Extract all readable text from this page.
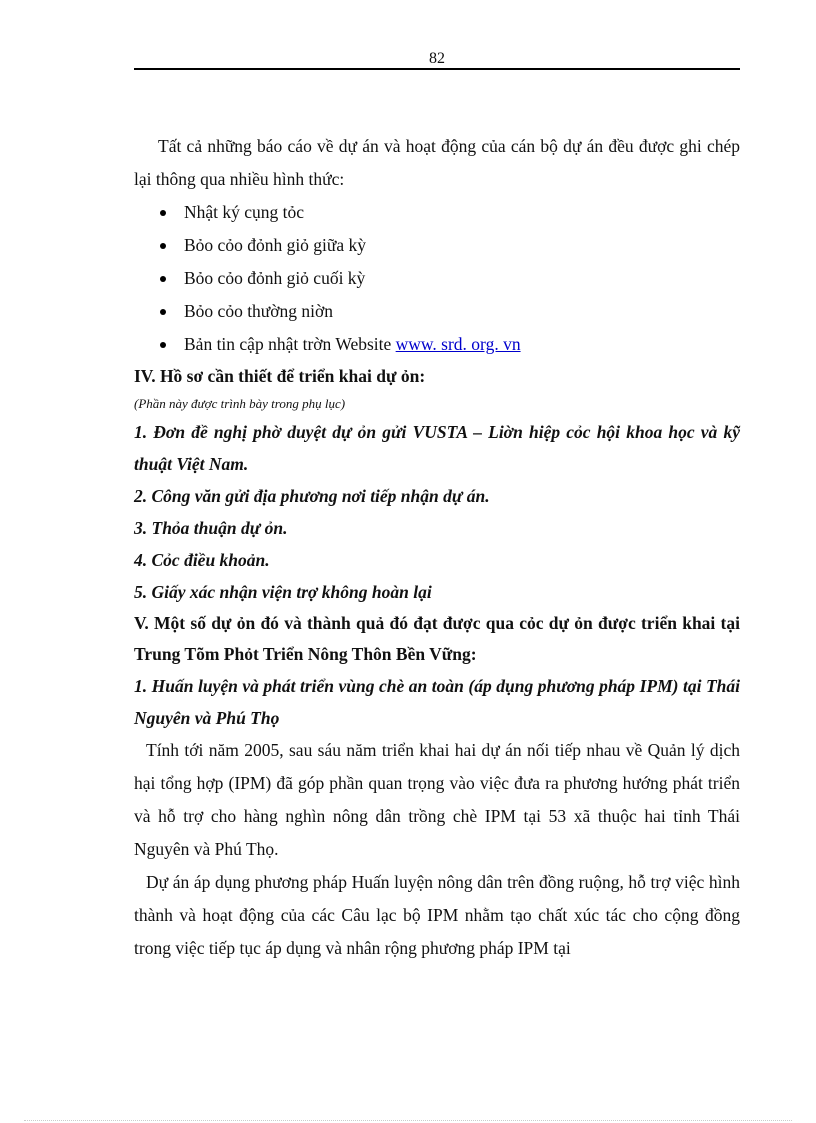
82

Tất cả những báo cáo về dự án và hoạt động của cán bộ dự án đều được ghi chép lại thông qua nhiều hình thức:

Nhật ký cụng tỏc
Bỏo cỏo đỏnh giỏ giữa kỳ
Bỏo cỏo đỏnh giỏ cuối kỳ
Bỏo cỏo thường niờn
Bản tin cập nhật trờn Website www. srd. org. vn

IV. Hồ sơ cần thiết để triển khai dự ỏn:

(Phần này được trình bày trong phụ lục)

1. Đơn đề nghị phờ duyệt dự ỏn gửi VUSTA – Liờn hiệp cỏc hội khoa học và kỹ thuật Việt Nam.

2. Công văn gửi địa phương nơi tiếp nhận dự án.

3. Thỏa thuận dự ỏn.

4. Cỏc điều khoản.

5. Giấy xác nhận viện trợ không hoàn lại

V. Một số dự ỏn đó và thành quả đó đạt được qua cỏc dự ỏn được triển khai tại Trung Tõm Phỏt Triển Nông Thôn Bền Vững:

1. Huấn luyện và phát triển vùng chè an toàn (áp dụng phương pháp IPM) tại Thái Nguyên và Phú Thọ

Tính tới năm 2005, sau sáu năm triển khai hai dự án nối tiếp nhau về Quản lý dịch hại tổng hợp (IPM) đã góp phần quan trọng vào việc đưa ra phương hướng phát triển và hỗ trợ cho hàng nghìn nông dân trồng chè IPM tại 53 xã thuộc hai tỉnh Thái Nguyên và Phú Thọ.

Dự án áp dụng phương pháp Huấn luyện nông dân trên đồng ruộng, hỗ trợ việc hình thành và hoạt động của các Câu lạc bộ IPM nhằm tạo chất xúc tác cho cộng đồng trong việc tiếp tục áp dụng và nhân rộng phương pháp IPM tại
